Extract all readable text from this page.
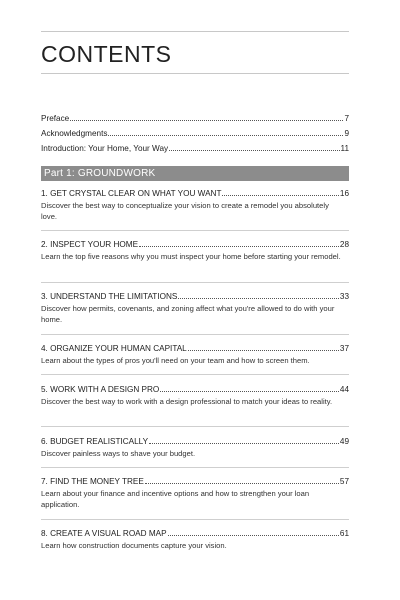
CONTENTS
Preface	7
Acknowledgments	9
Introduction: Your Home, Your Way	11
Part 1: GROUNDWORK
1. GET CRYSTAL CLEAR ON WHAT YOU WANT	16
Discover the best way to conceptualize your vision to create a remodel you absolutely love.
2. INSPECT YOUR HOME	28
Learn the top five reasons why you must inspect your home before starting your remodel.
3. UNDERSTAND THE LIMITATIONS	33
Discover how permits, covenants, and zoning affect what you're allowed to do with your home.
4. ORGANIZE YOUR HUMAN CAPITAL	37
Learn about the types of pros you'll need on your team and how to screen them.
5. WORK WITH A DESIGN PRO	44
Discover the best way to work with a design professional to match your ideas to reality.
6. BUDGET REALISTICALLY	49
Discover painless ways to shave your budget.
7. FIND THE MONEY TREE	57
Learn about your finance and incentive options and how to strengthen your loan application.
8. CREATE A VISUAL ROAD MAP	61
Learn how construction documents capture your vision.
